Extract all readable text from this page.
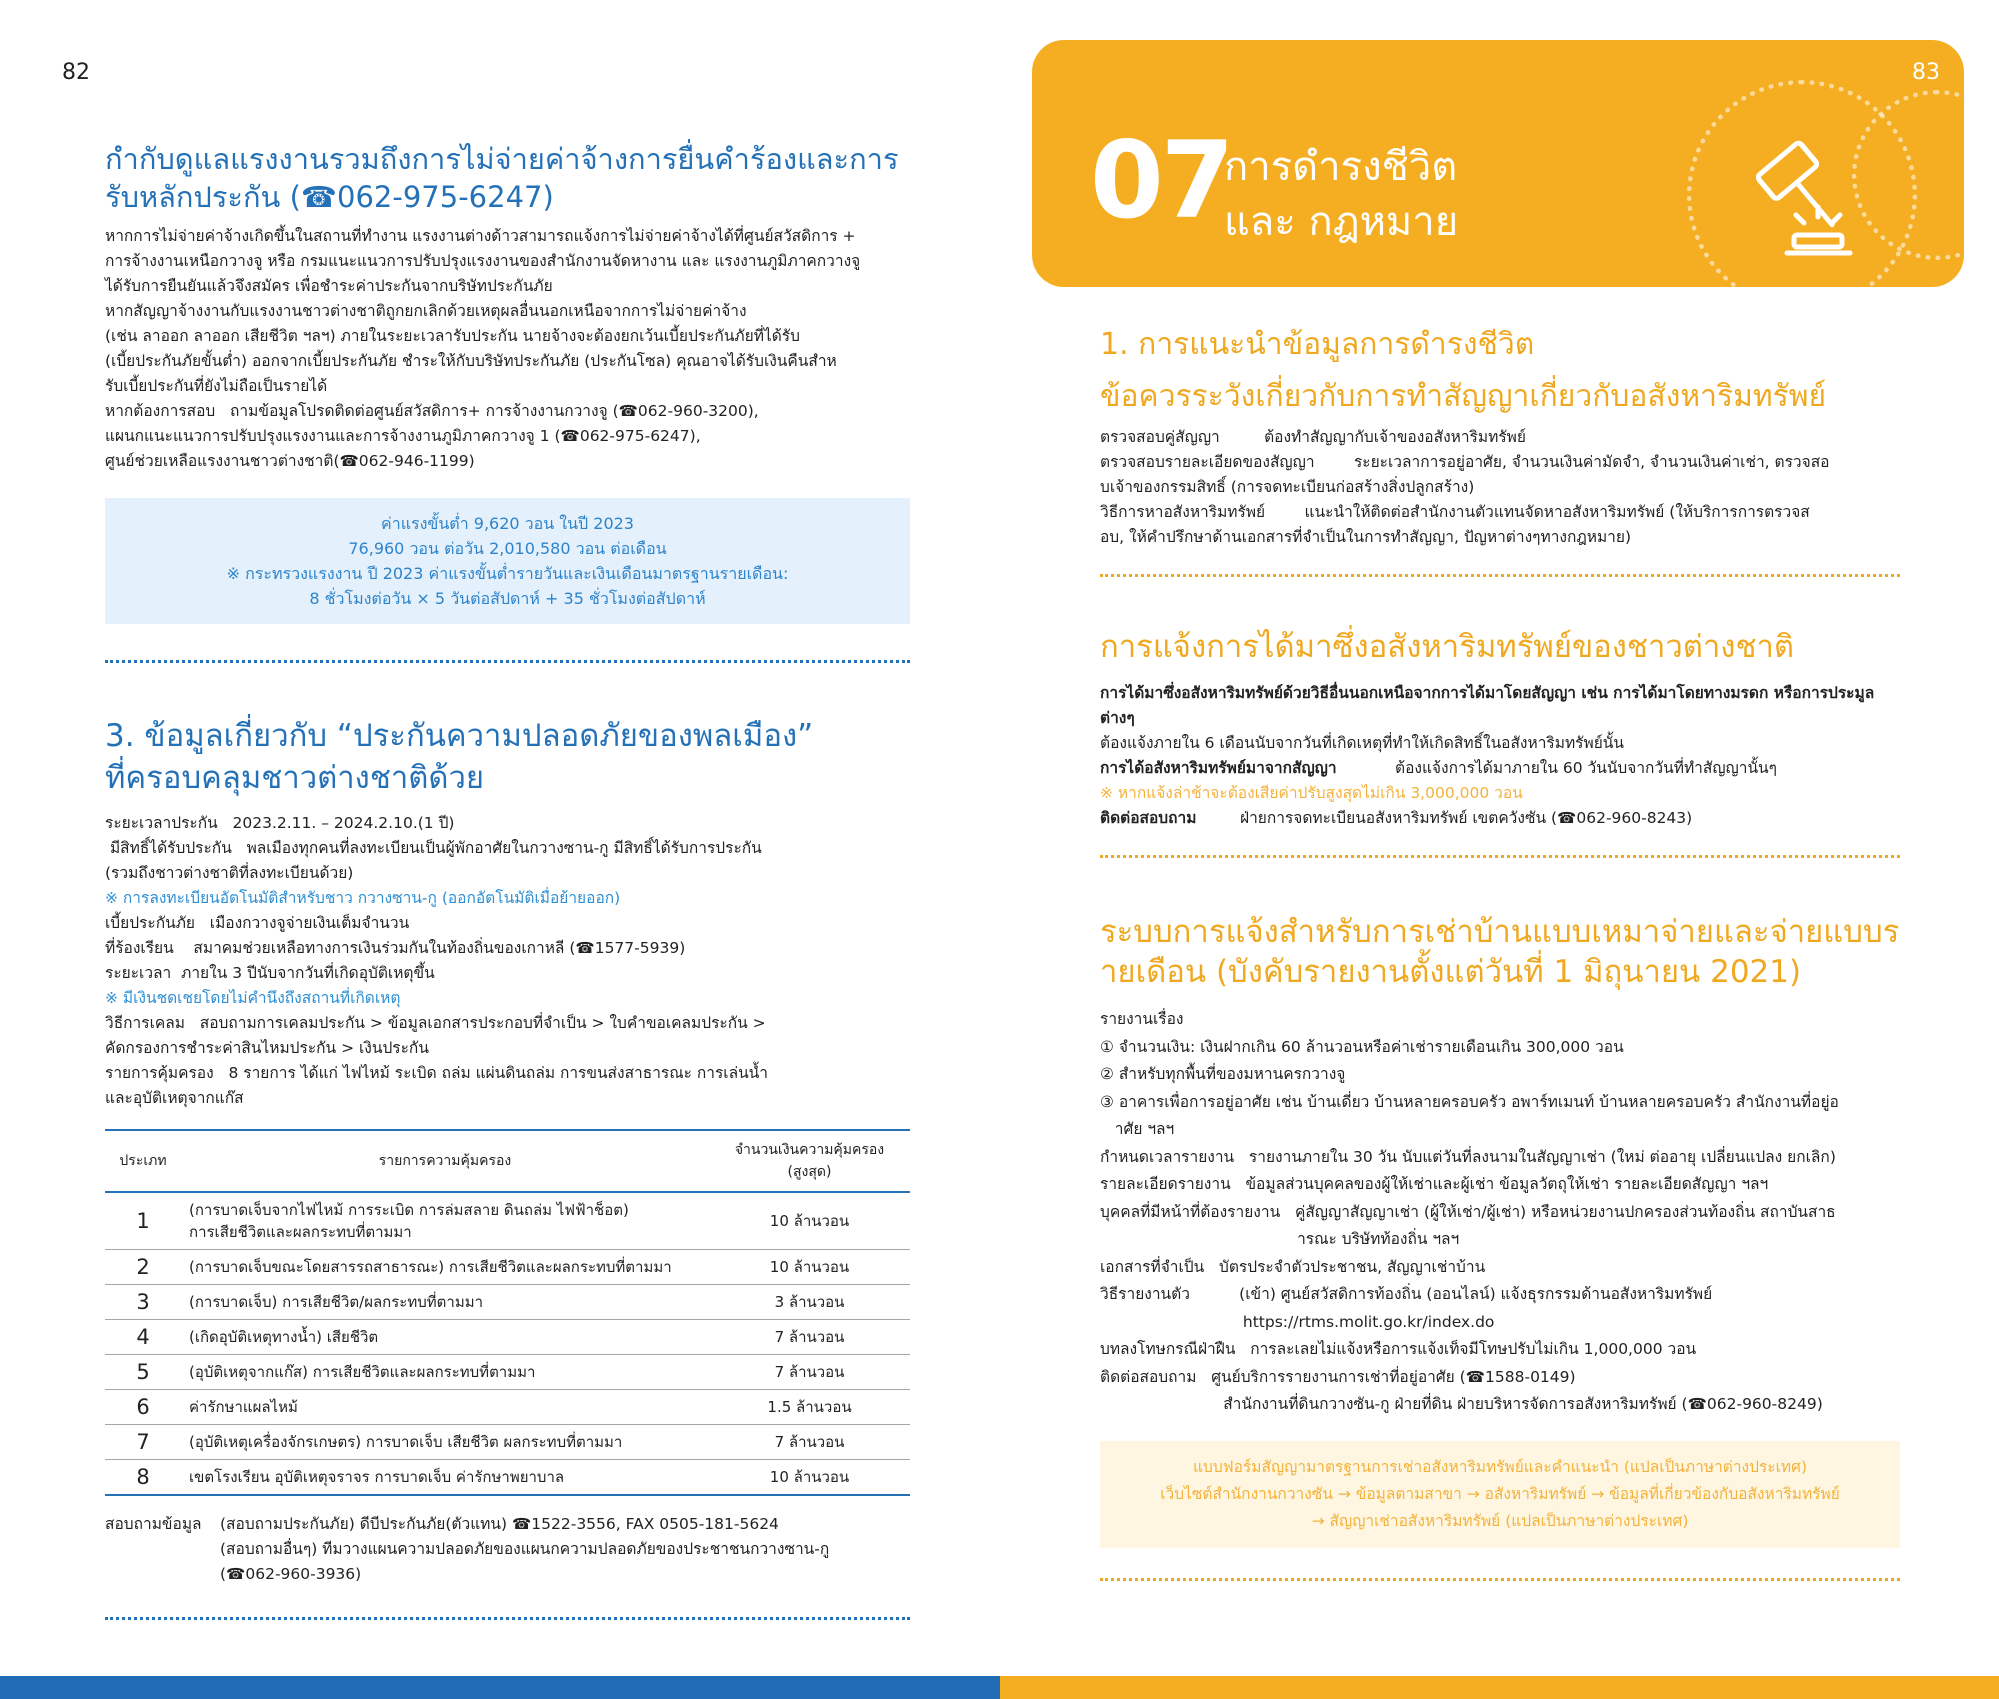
82
กำกับดูแลแรงงานรวมถึงการไม่จ่ายค่าจ้างการยื่นคำร้องและการรับหลักประกัน (☎062-975-6247)
หากการไม่จ่ายค่าจ้างเกิดขึ้นในสถานที่ทำงาน แรงงานต่างด้าวสามารถแจ้งการไม่จ่ายค่าจ้างได้ที่ศูนย์สวัสดิการ +
การจ้างงานเหนือกวางจู หรือ กรมแนะแนวการปรับปรุงแรงงานของสำนักงานจัดหางาน และ แรงงานภูมิภาคกวางจู
ได้รับการยืนยันแล้วจึงสมัคร เพื่อชำระค่าประกันจากบริษัทประกันภัย
หากสัญญาจ้างงานกับแรงงานชาวต่างชาติถูกยกเลิกด้วยเหตุผลอื่นนอกเหนือจากการไม่จ่ายค่าจ้าง
(เช่น ลาออก ลาออก เสียชีวิต ฯลฯ) ภายในระยะเวลารับประกัน นายจ้างจะต้องยกเว้นเบี้ยประกันภัยที่ได้รับ
(เบี้ยประกันภัยขั้นต่ำ) ออกจากเบี้ยประกันภัย ชำระให้กับบริษัทประกันภัย (ประกันโซล) คุณอาจได้รับเงินคืนสำห
รับเบี้ยประกันที่ยังไม่ถือเป็นรายได้
หากต้องการสอบ   ถามข้อมูลโปรดติดต่อศูนย์สวัสดิการ+ การจ้างงานกวางจู (☎062-960-3200),
แผนกแนะแนวการปรับปรุงแรงงานและการจ้างงานภูมิภาคกวางจู 1 (☎062-975-6247),
ศูนย์ช่วยเหลือแรงงานชาวต่างชาติ(☎062-946-1199)
ค่าแรงขั้นต่ำ 9,620 วอน ในปี 2023
76,960 วอน ต่อวัน 2,010,580 วอน ต่อเดือน
※ กระทรวงแรงงาน ปี 2023 ค่าแรงขั้นต่ำรายวันและเงินเดือนมาตรฐานรายเดือน:
8 ชั่วโมงต่อวัน × 5 วันต่อสัปดาห์ + 35 ชั่วโมงต่อสัปดาห์
3. ข้อมูลเกี่ยวกับ “ประกันความปลอดภัยของพลเมือง”
ที่ครอบคลุมชาวต่างชาติด้วย
ระยะเวลาประกัน   2023.2.11. – 2024.2.10.(1 ปี)
มีสิทธิ์ได้รับประกัน   พลเมืองทุกคนที่ลงทะเบียนเป็นผู้พักอาศัยในกวางซาน-กู มีสิทธิ์ได้รับการประกัน
(รวมถึงชาวต่างชาติที่ลงทะเบียนด้วย)
※ การลงทะเบียนอัตโนมัติสำหรับชาว กวางซาน-กู (ออกอัตโนมัติเมื่อย้ายออก)
เบี้ยประกันภัย   เมืองกวางจูจ่ายเงินเต็มจำนวน
ที่ร้องเรียน    สมาคมช่วยเหลือทางการเงินร่วมกันในท้องถิ่นของเกาหลี (☎1577-5939)
ระยะเวลา  ภายใน 3 ปีนับจากวันที่เกิดอุบัติเหตุขึ้น
※ มีเงินชดเชยโดยไม่คำนึงถึงสถานที่เกิดเหตุ
วิธีการเคลม   สอบถามการเคลมประกัน > ข้อมูลเอกสารประกอบที่จำเป็น > ใบคำขอเคลมประกัน >
คัดกรองการชำระค่าสินไหมประกัน > เงินประกัน
รายการคุ้มครอง   8 รายการ ได้แก่ ไฟไหม้ ระเบิด ถล่ม แผ่นดินถล่ม การขนส่งสาธารณะ การเล่นน้ำ
และอุบัติเหตุจากแก๊ส
ประเภท	รายการความคุ้มครอง	จำนวนเงินความคุ้มครอง (สูงสุด)
1	(การบาดเจ็บจากไฟไหม้ การระเบิด การล่มสลาย ดินถล่ม ไฟฟ้าช็อต)
การเสียชีวิตและผลกระทบที่ตามมา	10 ล้านวอน
2	(การบาดเจ็บขณะโดยสารรถสาธารณะ) การเสียชีวิตและผลกระทบที่ตามมา	10 ล้านวอน
3	(การบาดเจ็บ) การเสียชีวิต/ผลกระทบที่ตามมา	3 ล้านวอน
4	(เกิดอุบัติเหตุทางน้ำ) เสียชีวิต	7 ล้านวอน
5	(อุบัติเหตุจากแก๊ส) การเสียชีวิตและผลกระทบที่ตามมา	7 ล้านวอน
6	ค่ารักษาแผลไหม้	1.5 ล้านวอน
7	(อุบัติเหตุเครื่องจักรเกษตร) การบาดเจ็บ เสียชีวิต ผลกระทบที่ตามมา	7 ล้านวอน
8	เขตโรงเรียน อุบัติเหตุจราจร การบาดเจ็บ ค่ารักษาพยาบาล	10 ล้านวอน
สอบถามข้อมูล	(สอบถามประกันภัย) ดีบีประกันภัย(ตัวแทน) ☎1522-3556, FAX 0505-181-5624
(สอบถามอื่นๆ) ทีมวางแผนความปลอดภัยของแผนกความปลอดภัยของประชาชนกวางซาน-กู
(☎062-960-3936)
83
07
การดำรงชีวิต
และ กฎหมาย
1. การแนะนำข้อมูลการดำรงชีวิต
ข้อควรระวังเกี่ยวกับการทำสัญญาเกี่ยวกับอสังหาริมทรัพย์
ตรวจสอบคู่สัญญา         ต้องทำสัญญากับเจ้าของอสังหาริมทรัพย์
ตรวจสอบรายละเอียดของสัญญา        ระยะเวลาการอยู่อาศัย, จำนวนเงินค่ามัดจำ, จำนวนเงินค่าเช่า, ตรวจสอ
บเจ้าของกรรมสิทธิ์ (การจดทะเบียนก่อสร้างสิ่งปลูกสร้าง)
วิธีการหาอสังหาริมทรัพย์        แนะนำให้ติดต่อสำนักงานตัวแทนจัดหาอสังหาริมทรัพย์ (ให้บริการการตรวจส
อบ, ให้คำปรึกษาด้านเอกสารที่จำเป็นในการทำสัญญา, ปัญหาต่างๆทางกฎหมาย)
การแจ้งการได้มาซึ่งอสังหาริมทรัพย์ของชาวต่างชาติ
การได้มาซึ่งอสังหาริมทรัพย์ด้วยวิธีอื่นนอกเหนือจากการได้มาโดยสัญญา เช่น การได้มาโดยทางมรดก หรือการประมูลต่างๆ
ต้องแจ้งภายใน 6 เดือนนับจากวันที่เกิดเหตุที่ทำให้เกิดสิทธิ์ในอสังหาริมทรัพย์นั้น
การได้อสังหาริมทรัพย์มาจากสัญญา	ต้องแจ้งการได้มาภายใน 60 วันนับจากวันที่ทำสัญญานั้นๆ
※ หากแจ้งล่าช้าจะต้องเสียค่าปรับสูงสุดไม่เกิน 3,000,000 วอน
ติดต่อสอบถาม	ฝ่ายการจดทะเบียนอสังหาริมทรัพย์ เขตควังซัน (☎062-960-8243)
ระบบการแจ้งสำหรับการเช่าบ้านแบบเหมาจ่ายและจ่ายแบบร
ายเดือน (บังคับรายงานตั้งแต่วันที่ 1 มิถุนายน 2021)
รายงานเรื่อง
① จำนวนเงิน: เงินฝากเกิน 60 ล้านวอนหรือค่าเช่ารายเดือนเกิน 300,000 วอน
② สำหรับทุกพื้นที่ของมหานครกวางจู
③ อาคารเพื่อการอยู่อาศัย เช่น บ้านเดี่ยว บ้านหลายครอบครัว อพาร์ทเมนท์ บ้านหลายครอบครัว สำนักงานที่อยู่อ
าศัย ฯลฯ
กำหนดเวลารายงาน   รายงานภายใน 30 วัน นับแต่วันที่ลงนามในสัญญาเช่า (ใหม่ ต่ออายุ เปลี่ยนแปลง ยกเลิก)
รายละเอียดรายงาน   ข้อมูลส่วนบุคคลของผู้ให้เช่าและผู้เช่า ข้อมูลวัตถุให้เช่า รายละเอียดสัญญา ฯลฯ
บุคคลที่มีหน้าที่ต้องรายงาน   คู่สัญญาสัญญาเช่า (ผู้ให้เช่า/ผู้เช่า) หรือหน่วยงานปกครองส่วนท้องถิ่น สถาบันสาธ
ารณะ บริษัทท้องถิ่น ฯลฯ
เอกสารที่จำเป็น   บัตรประจำตัวประชาชน, สัญญาเช่าบ้าน
วิธีรายงานตัว          (เข้า) ศูนย์สวัสดิการท้องถิ่น (ออนไลน์) แจ้งธุรกรรมด้านอสังหาริมทรัพย์
https://rtms.molit.go.kr/index.do
บทลงโทษกรณีฝ่าฝืน   การละเลยไม่แจ้งหรือการแจ้งเท็จมีโทษปรับไม่เกิน 1,000,000 วอน
ติดต่อสอบถาม   ศูนย์บริการรายงานการเช่าที่อยู่อาศัย (☎1588-0149)
สำนักงานที่ดินกวางซัน-กู ฝ่ายที่ดิน ฝ่ายบริหารจัดการอสังหาริมทรัพย์ (☎062-960-8249)
แบบฟอร์มสัญญามาตรฐานการเช่าอสังหาริมทรัพย์และคำแนะนำ (แปลเป็นภาษาต่างประเทศ)
เว็บไซต์สำนักงานกวางซัน → ข้อมูลตามสาขา → อสังหาริมทรัพย์ → ข้อมูลที่เกี่ยวข้องกับอสังหาริมทรัพย์
→ สัญญาเช่าอสังหาริมทรัพย์ (แปลเป็นภาษาต่างประเทศ)
